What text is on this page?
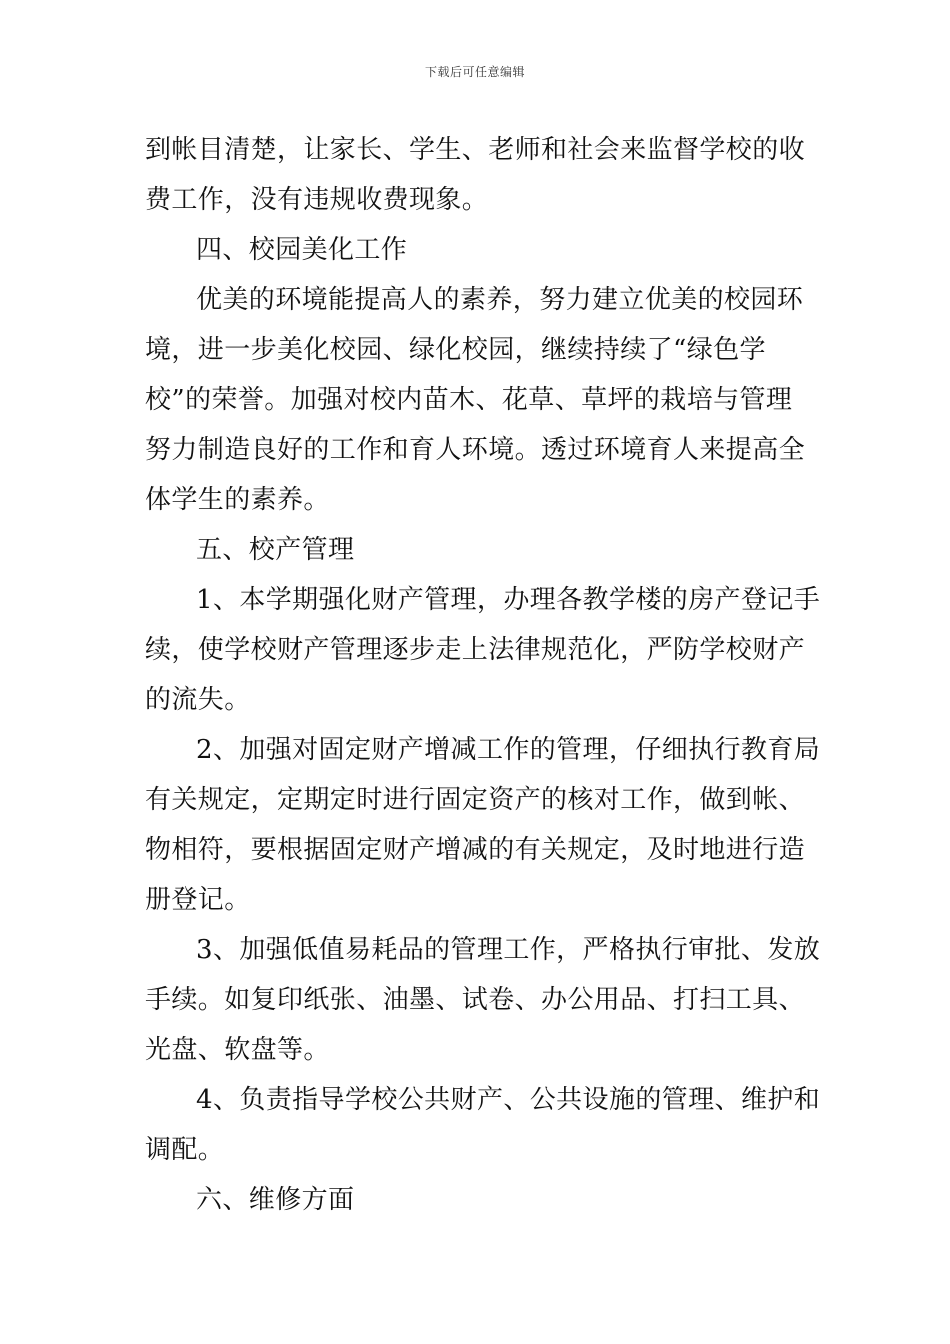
下载后可任意编辑
到帐目清楚，让家长、学生、老师和社会来监督学校的收
费工作，没有违规收费现象。
四、校园美化工作
优美的环境能提高人的素养，努力建立优美的校园环
境，进一步美化校园、绿化校园，继续持续了“绿色学
校”的荣誉。加强对校内苗木、花草、草坪的栽培与管理
努力制造良好的工作和育人环境。透过环境育人来提高全
体学生的素养。
五、校产管理
1、本学期强化财产管理，办理各教学楼的房产登记手
续，使学校财产管理逐步走上法律规范化，严防学校财产
的流失。
2、加强对固定财产增减工作的管理，仔细执行教育局
有关规定，定期定时进行固定资产的核对工作，做到帐、
物相符，要根据固定财产增减的有关规定，及时地进行造
册登记。
3、加强低值易耗品的管理工作，严格执行审批、发放
手续。如复印纸张、油墨、试卷、办公用品、打扫工具、
光盘、软盘等。
4、负责指导学校公共财产、公共设施的管理、维护和
调配。
六、维修方面
